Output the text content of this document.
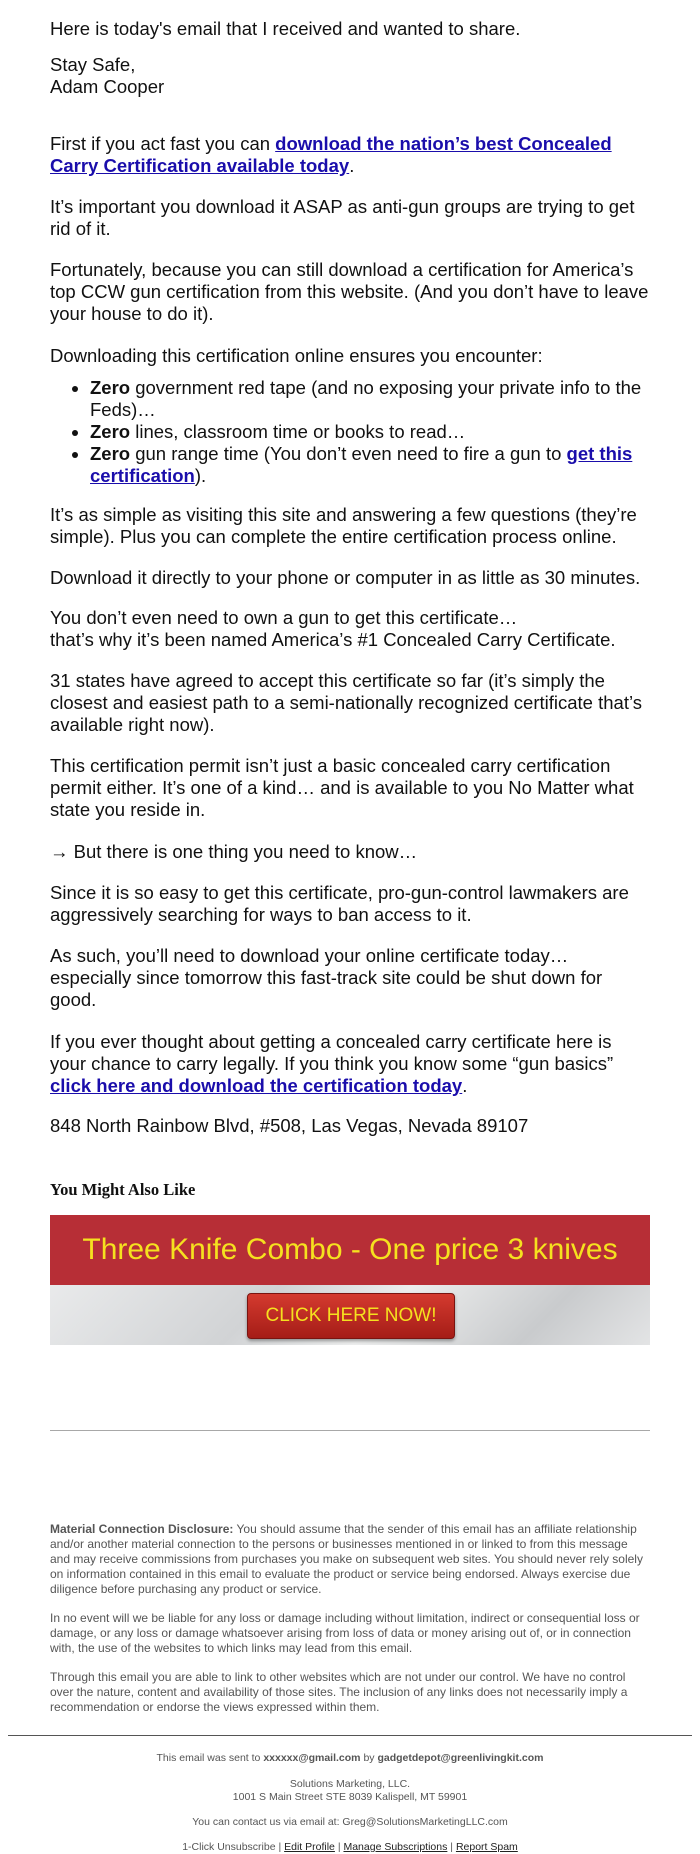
Here is today's email that I received and wanted to share.

Stay Safe,

Adam Cooper

First if you act fast you can download the nation’s best Concealed Carry Certification available today.

It’s important you download it ASAP as anti-gun groups are trying to get rid of it.

Fortunately, because you can still download a certification for America’s top CCW gun certification from this website. (And you don’t have to leave your house to do it).

Downloading this certification online ensures you encounter:

• Zero government red tape (and no exposing your private info to the Feds)…
• Zero lines, classroom time or books to read…
• Zero gun range time (You don’t even need to fire a gun to get this certification).

It’s as simple as visiting this site and answering a few questions (they’re simple). Plus you can complete the entire certification process online.

Download it directly to your phone or computer in as little as 30 minutes.

You don’t even need to own a gun to get this certificate…

that’s why it’s been named America’s #1 Concealed Carry Certificate.

31 states have agreed to accept this certificate so far (it’s simply the closest and easiest path to a semi-nationally recognized certificate that’s available right now).

This certification permit isn’t just a basic concealed carry certification permit either. It’s one of a kind… and is available to you No Matter what state you reside in.

→ But there is one thing you need to know…

Since it is so easy to get this certificate, pro-gun-control lawmakers are aggressively searching for ways to ban access to it.

As such, you’ll need to download your online certificate today… especially since tomorrow this fast-track site could be shut down for good.

If you ever thought about getting a concealed carry certificate here is your chance to carry legally. If you think you know some “gun basics” click here and download the certification today.

848 North Rainbow Blvd, #508, Las Vegas, Nevada 89107

You Might Also Like
Three Knife Combo - One price 3 knives
CLICK HERE NOW!

Material Connection Disclosure: You should assume that the sender of this email has an affiliate relationship and/or another material connection to the persons or businesses mentioned in or linked to from this message and may receive commissions from purchases you make on subsequent web sites. You should never rely solely on information contained in this email to evaluate the product or service being endorsed. Always exercise due diligence before purchasing any product or service.

In no event will we be liable for any loss or damage including without limitation, indirect or consequential loss or damage, or any loss or damage whatsoever arising from loss of data or money arising out of, or in connection with, the use of the websites to which links may lead from this email.

Through this email you are able to link to other websites which are not under our control. We have no control over the nature, content and availability of those sites. The inclusion of any links does not necessarily imply a recommendation or endorse the views expressed within them.

This email was sent to xxxxxx@gmail.com by gadgetdepot@greenlivingkit.com

Solutions Marketing, LLC.

1001 S Main Street STE 8039 Kalispell, MT 59901

You can contact us via email at: Greg@SolutionsMarketingLLC.com

1-Click Unsubscribe | Edit Profile | Manage Subscriptions | Report Spam
